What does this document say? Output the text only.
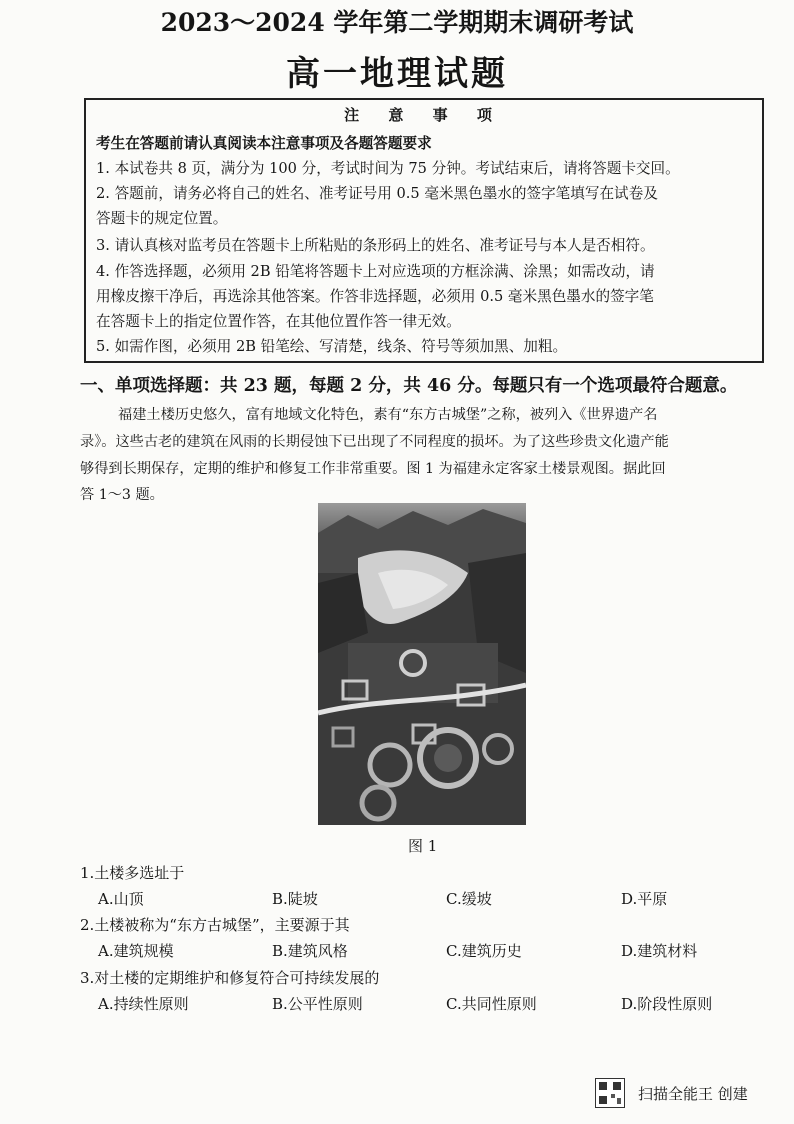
2023～2024 学年第二学期期末调研考试
高一地理试题
注 意 事 项
考生在答题前请认真阅读本注意事项及各题答题要求
1. 本试卷共 8 页，满分为 100 分，考试时间为 75 分钟。考试结束后，请将答题卡交回。
2. 答题前，请务必将自己的姓名、准考证号用 0.5 毫米黑色墨水的签字笔填写在试卷及
答题卡的规定位置。
3. 请认真核对监考员在答题卡上所粘贴的条形码上的姓名、准考证号与本人是否相符。
4. 作答选择题，必须用 2B 铅笔将答题卡上对应选项的方框涂满、涂黑；如需改动，请
用橡皮擦干净后，再选涂其他答案。作答非选择题，必须用 0.5 毫米黑色墨水的签字笔
在答题卡上的指定位置作答，在其他位置作答一律无效。
5. 如需作图，必须用 2B 铅笔绘、写清楚，线条、符号等须加黑、加粗。
一、单项选择题：共 23 题，每题 2 分，共 46 分。每题只有一个选项最符合题意。
福建土楼历史悠久，富有地域文化特色，素有“东方古城堡”之称，被列入《世界遗产名
录》。这些古老的建筑在风雨的长期侵蚀下已出现了不同程度的损坏。为了这些珍贵文化遗产能
够得到长期保存，定期的维护和修复工作非常重要。图 1 为福建永定客家土楼景观图。据此回
答 1～3 题。
图 1
1.土楼多选址于
A.山顶	B.陡坡	C.缓坡	D.平原
2.土楼被称为“东方古城堡”，主要源于其
A.建筑规模	B.建筑风格	C.建筑历史	D.建筑材料
3.对土楼的定期维护和修复符合可持续发展的
A.持续性原则	B.公平性原则	C.共同性原则	D.阶段性原则
扫描全能王 创建
